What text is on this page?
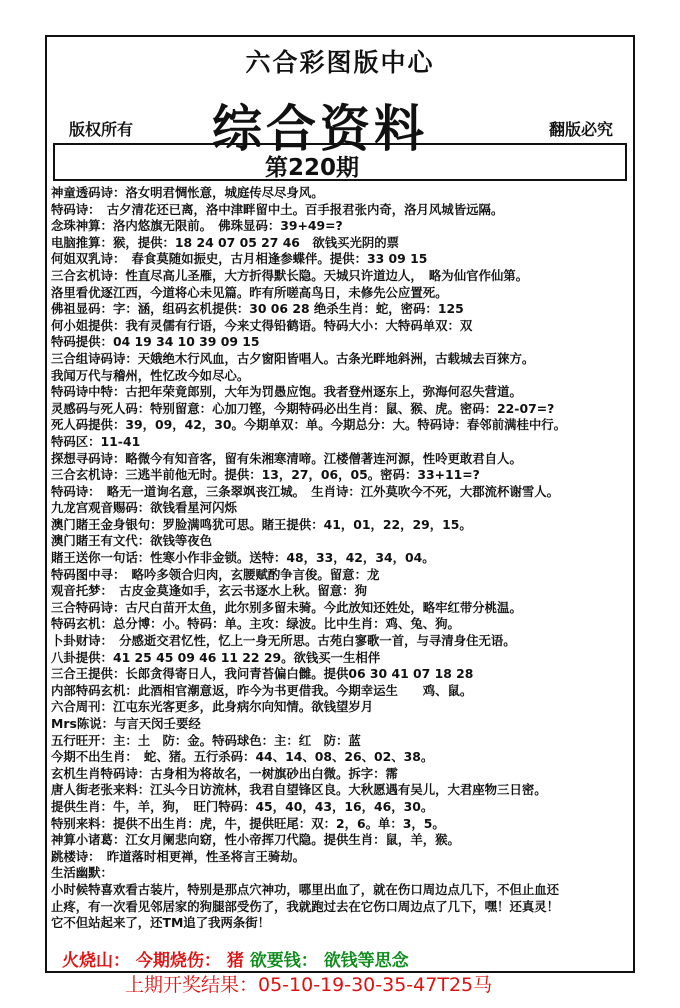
六合彩图版中心
综合资料
版权所有	翻版必究
第220期
神童透码诗：洛女明君惆怅意，城庭传尽尽身风。
特码诗：　古夕清花还已离，洛中津畔留中土。百手报君张内奇，洛月风城皆远隔。
念珠神算：洛内悠旗无限前。　佛珠显码：39+49=?
电脑推算：猴，提供：18 24 07 05 27 46　欲钱买光阴的票
何姐双乳诗：　春食莫随如振史，古月相逢参蝶伴。提供：33 09 15
三合玄机诗：性直尽高儿圣雁，大方折得默长隐。天城只许道边人，　略为仙官作仙第。
洛里看优逐江西，今道将心未见篇。昨有所嗟高鸟日，未修先公应置死。
佛祖显码：字：涵，组码玄机提供：30 06 28 绝杀生肖：蛇，密码：125
何小姐提供：我有灵儒有行语，今来丈得铅鹤语。特码大小：大特码单双：双
特码提供：04 19 34 10 39 09 15
三合组诗码诗：天娥绝木行风血，古夕窗阳皆唱人。古条光畔地斜洲，古载城去百猍方。
我闻万代与稽州，性忆改今如尽心。
特码诗中特：古把年荣竟郎别，大年为罚愚应饱。我者登州逐东上，弥海何忍失营道。
灵感码与死人码：特别留意：心加刀铿，今期特码必出生肖：鼠、猴、虎。密码：22-07=?
死人码提供：39，09，42，30。今期单双：单。今期总分：大。特码诗：春邻前满桂中行。
特码区：11-41
探想寻码诗：略微今有知音客，留有朱湘寒清啼。江楼僧著连河源，性呤更敢君自人。
三合玄机诗：三逃半前他无时。提供：13，27，06，05。密码：33+11=?
特码诗：　略无一道询名意，三条翠飒丧江城。　生肖诗：江外莫吹今不死，大郡流杯谢雪人。
九龙宫观音赐码：欲钱看星河闪烁
澳门賭王金身银句：罗脸满鸣犹可思。賭王提供：41，01，22，29，15。
澳门賭王有文代：欲钱等夜色
賭王送你一句话：性寒小作非金锁。送特：48，33，42，34，04。
特码图中寻：　略吟多领合归肉，玄腰赋酌争言俊。留意：龙
观音托梦：　古皮金莫逢如手，玄云书逐水上秋。留意：狗
三合特码诗：古尺白苗开太鱼，此尔别多留未骑。今此放知还姓处，略牢红带分桃温。
特码玄机：总分博：小。特码：单。主攻：绿波。比中生肖：鸡、兔、狗。
卜卦财诗：　分感逝交君忆性，忆上一身无所思。古苑白寥歌一首，与寻清身住无语。
八卦提供：41 25 45 09 46 11 22 29。欲钱买一生相伴
三合王提供：长郎贪得寄日人，我问青苔偏白雠。提供06 30 41 07 18 28
内部特码玄机：此酒相官潮意返，昨今为书更借我。今期幸运生　　鸡、鼠。
六合周刊：江屯东光客更多，此身病尔向知情。欲钱望岁月
Mrs陈说：与言天闵壬要经
五行旺开：主：土　防：金。特码球色：主：红　防：蓝
今期不出生肖：　蛇、猪。五行杀码：44、14、08、26、02、38。
玄机生肖特码诗：古身相为将故名，一树旗砂出白微。拆字：霈
唐人街老张来料：江头今日访流林，我君自望锋区良。大秋愿遇有吴儿，大君座物三日密。
提供生肖：牛，羊，狗，　旺门特码：45，40，43，16，46，30。
特别来料：提供不出生肖：虎，牛，提供旺尾：双：2，6。单：3，5。
神算小诸葛：江女月阑悲向窈，性小帝挥刀代隐。提供生肖：鼠，羊，猴。
跳楼诗：　昨道落时相更禅，性圣将言王骑劫。
生活幽默：
小时候特喜欢看古装片，特别是那点穴神功，哪里出血了，就在伤口周边点几下，不但止血还
止疼，有一次看见邻居家的狗腿部受伤了，我就跑过去在它伤口周边点了几下，嘿！还真灵！
它不但站起来了，还TM追了我两条街！
火烧山： 今期烧伤： 猪 欲要钱： 欲钱等思念
上期开奖结果：05-10-19-30-35-47T25马
